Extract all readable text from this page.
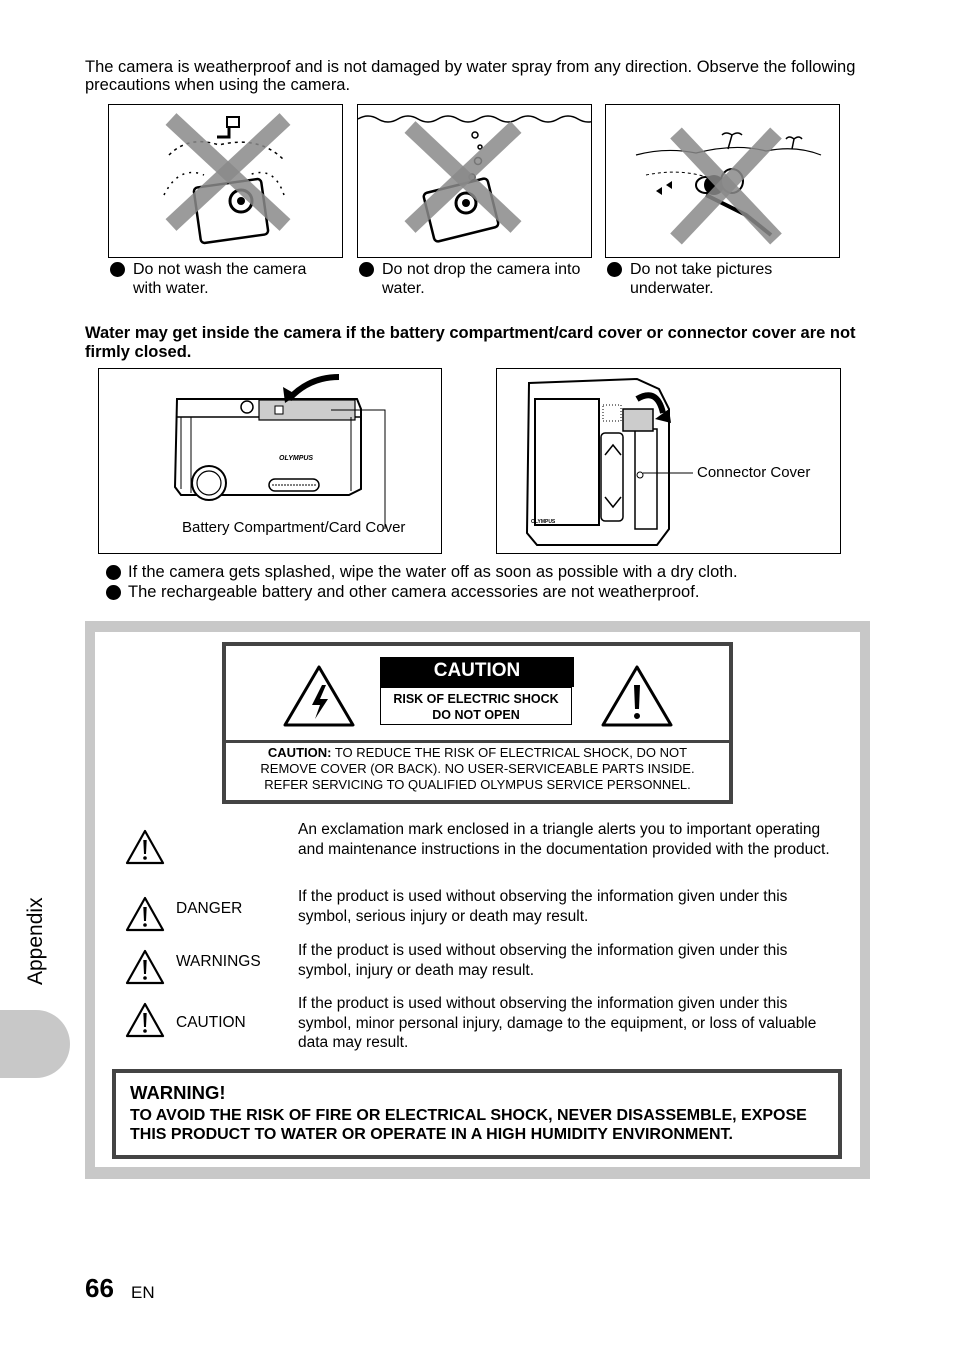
The camera is weatherproof and is not damaged by water spray from any direction. Observe the following precautions when using the camera.
Do not wash the camera with water.
Do not drop the camera into water.
Do not take pictures underwater.
Water may get inside the camera if the battery compartment/card cover or connector cover are not firmly closed.
OLYMPUS
Battery Compartment/Card Cover	OLYMPUS
Connector Cover
If the camera gets splashed, wipe the water off as soon as possible with a dry cloth.
The rechargeable battery and other camera accessories are not weatherproof.
CAUTION
RISK OF ELECTRIC SHOCK
DO NOT OPEN
CAUTION: TO REDUCE THE RISK OF ELECTRICAL SHOCK, DO NOT
REMOVE COVER (OR BACK). NO USER-SERVICEABLE PARTS INSIDE.
REFER SERVICING TO QUALIFIED OLYMPUS SERVICE PERSONNEL.
An exclamation mark enclosed in a triangle alerts you to important operating and maintenance instructions in the documentation provided with the product.
DANGER
If the product is used without observing the information given under this symbol, serious injury or death may result.
WARNINGS
If the product is used without observing the information given under this symbol, injury or death may result.
CAUTION
If the product is used without observing the information given under this symbol, minor personal injury, damage to the equipment, or loss of valuable data may result.
WARNING!
TO AVOID THE RISK OF FIRE OR ELECTRICAL SHOCK, NEVER DISASSEMBLE, EXPOSE THIS PRODUCT TO WATER OR OPERATE IN A HIGH HUMIDITY ENVIRONMENT.
Appendix
66 EN
